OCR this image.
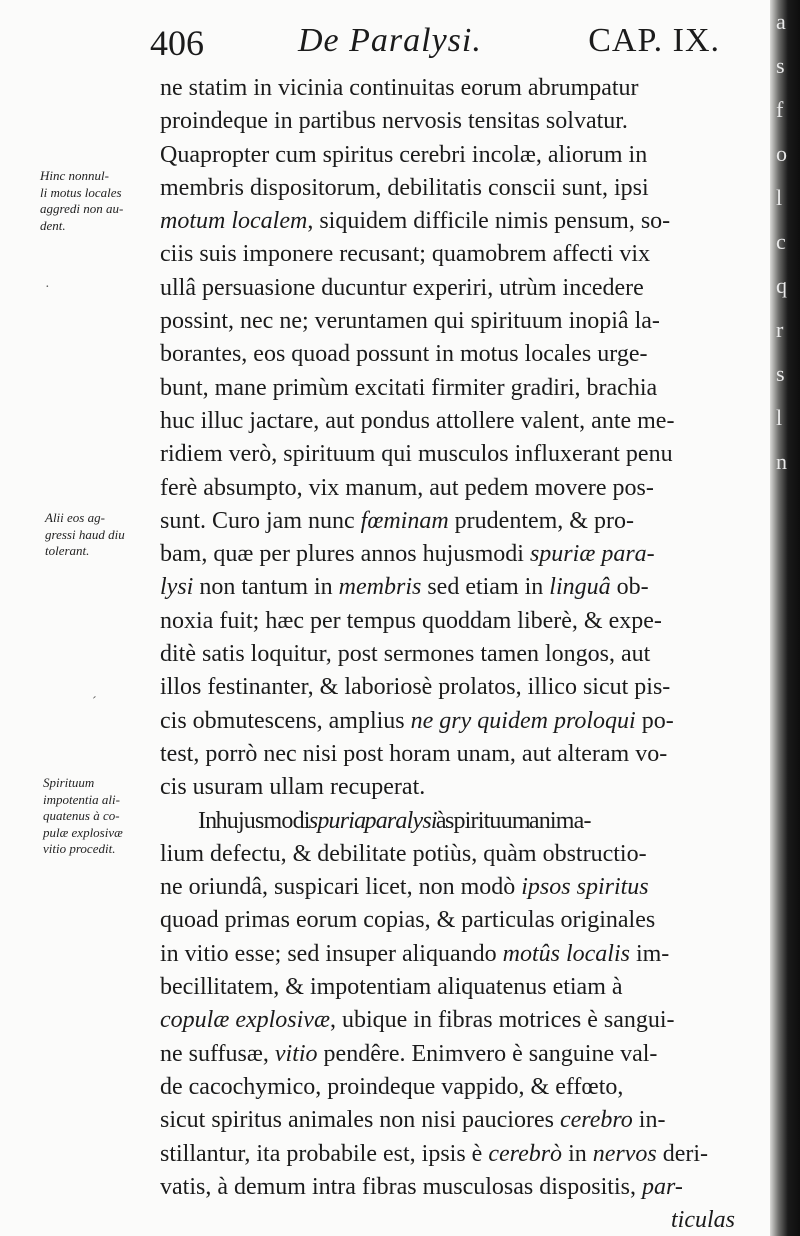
a
s
f
o
l
c
q
r
s
l
n
406	De Paralysi.	CAP. IX.
Hinc nonnul-
li motus locales
aggredi non au-
dent.
Alii eos ag-
gressi haud diu
tolerant.
Spirituum
impotentia ali-
quatenus à co-
pulæ explosivæ
vitio procedit.
ne statim in vicinia continuitas eorum abrumpatur
proindeque in partibus nervosis tensitas solvatur.
Quapropter cum spiritus cerebri incolæ, aliorum in
membris dispositorum, debilitatis conscii sunt, ipsi
motum localem, siquidem difficile nimis pensum, so-
ciis suis imponere recusant; quamobrem affecti vix
ullâ persuasione ducuntur experiri, utrùm incedere
possint, nec ne; veruntamen qui spirituum inopiâ la-
borantes, eos quoad possunt in motus locales urge-
bunt, mane primùm excitati firmiter gradiri, brachia
huc illuc jactare, aut pondus attollere valent, ante me-
ridiem verò, spirituum qui musculos influxerant penu
ferè absumpto, vix manum, aut pedem movere pos-
sunt. Curo jam nunc fœminam prudentem, & pro-
bam, quæ per plures annos hujusmodi spuriæ para-
lysi non tantum in membris sed etiam in linguâ ob-
noxia fuit; hæc per tempus quoddam liberè, & expe-
ditè satis loquitur, post sermones tamen longos, aut
illos festinanter, & laboriosè prolatos, illico sicut pis-
cis obmutescens, amplius ne gry quidem proloqui po-
test, porrò nec nisi post horam unam, aut alteram vo-
cis usuram ullam recuperat.
In hujusmodi spuria paralysi à spirituum anima-
lium defectu, & debilitate potiùs, quàm obstructio-
ne oriundâ, suspicari licet, non modò ipsos spiritus
quoad primas eorum copias, & particulas originales
in vitio esse; sed insuper aliquando motûs localis im-
becillitatem, & impotentiam aliquatenus etiam à
copulæ explosivæ, ubique in fibras motrices è sangui-
ne suffusæ, vitio pendêre. Enimvero è sanguine val-
de cacochymico, proindeque vappido, & effœto,
sicut spiritus animales non nisi pauciores cerebro in-
stillantur, ita probabile est, ipsis è cerebrò in nervos deri-
vatis, à demum intra fibras musculosas dispositis, par-
ticulas
·
ˊ
